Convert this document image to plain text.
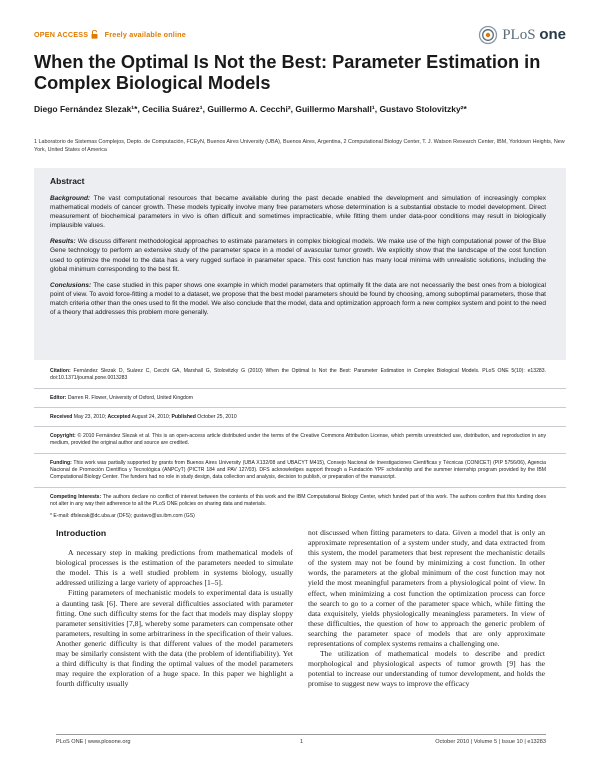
OPEN ACCESS Freely available online	PLoS one
When the Optimal Is Not the Best: Parameter Estimation in Complex Biological Models
Diego Fernández Slezak¹*, Cecilia Suárez¹, Guillermo A. Cecchi², Guillermo Marshall¹, Gustavo Stolovitzky²*
1 Laboratorio de Sistemas Complejos, Depto. de Computación, FCEyN, Buenos Aires University (UBA), Buenos Aires, Argentina, 2 Computational Biology Center, T. J. Watson Research Center, IBM, Yorktown Heights, New York, United States of America
Abstract

Background: The vast computational resources that became available during the past decade enabled the development and simulation of increasingly complex mathematical models of cancer growth. These models typically involve many free parameters whose determination is a substantial obstacle to model development. Direct measurement of biochemical parameters in vivo is often difficult and sometimes impracticable, while fitting them under data-poor conditions may result in biologically implausible values.

Results: We discuss different methodological approaches to estimate parameters in complex biological models. We make use of the high computational power of the Blue Gene technology to perform an extensive study of the parameter space in a model of avascular tumor growth. We explicitly show that the landscape of the cost function used to optimize the model to the data has a very rugged surface in parameter space. This cost function has many local minima with unrealistic solutions, including the global minimum corresponding to the best fit.

Conclusions: The case studied in this paper shows one example in which model parameters that optimally fit the data are not necessarily the best ones from a biological point of view. To avoid force-fitting a model to a dataset, we propose that the best model parameters should be found by choosing, among suboptimal parameters, those that match criteria other than the ones used to fit the model. We also conclude that the model, data and optimization approach form a new complex system and point to the need of a theory that addresses this problem more generally.

Citation: Fernández Slezak D, Suárez C, Cecchi GA, Marshall G, Stolovitzky G (2010) When the Optimal Is Not the Best: Parameter Estimation in Complex Biological Models. PLoS ONE 5(10): e13283. doi:10.1371/journal.pone.0013283

Editor: Darren R. Flower, University of Oxford, United Kingdom

Received May 23, 2010; Accepted August 24, 2010; Published October 25, 2010

Copyright: © 2010 Fernández Slezak et al. This is an open-access article distributed under the terms of the Creative Commons Attribution License, which permits unrestricted use, distribution, and reproduction in any medium, provided the original author and source are credited.

Funding: This work was partially supported by grants from Buenos Aires University (UBA X132/08 and UBACYT M415), Consejo Nacional de Investigaciones Científicas y Técnicas (CONICET) (PIP 5756/06), Agencia Nacional de Promoción Científica y Tecnológica (ANPCyT) (PICTR 184 and PAV 127/03). DFS acknowledges support through a Fundación YPF scholarship and the summer internship program provided by the IBM Computational Biology Center. The funders had no role in study design, data collection and analysis, decision to publish, or preparation of the manuscript.

Competing Interests: The authors declare no conflict of interest between the contents of this work and the IBM Computational Biology Center, which funded part of this work. The authors confirm that this funding does not alter in any way their adherence to all the PLoS ONE policies on sharing data and materials.

* E-mail: dfslezak@dc.uba.ar (DFS); gustavo@us.ibm.com (GS)

Introduction

A necessary step in making predictions from mathematical models of biological processes is the estimation of the parameters needed to simulate the model. This is a well studied problem in systems biology, usually addressed utilizing a large variety of approaches [1–5].

Fitting parameters of mechanistic models to experimental data is usually a daunting task [6]. There are several difficulties associated with parameter fitting. One such difficulty stems for the fact that models may display sloppy parameter sensitivities [7,8], whereby some parameters can compensate other parameters, resulting in some arbitrariness in the specification of their values. Another generic difficulty is that different values of the model parameters may be similarly consistent with the data (the problem of identifiability). Yet a third difficulty is that finding the optimal values of the model parameters may require the exploration of a huge space. In this paper we highlight a fourth difficulty usually

not discussed when fitting parameters to data. Given a model that is only an approximate representation of a system under study, and data extracted from this system, the model parameters that best represent the mechanistic details of the system may not be found by minimizing a cost function. In other words, the parameters at the global minimum of the cost function may not yield the most meaningful parameters from a physiological point of view. In effect, when minimizing a cost function the optimization process can force the search to go to a corner of the parameter space which, while fitting the data exquisitely, yields physiologically meaningless parameters. In view of these difficulties, the question of how to approach the generic problem of searching the parameter space of models that are only approximate representations of complex systems remains a challenging one.

The utilization of mathematical models to describe and predict morphological and physiological aspects of tumor growth [9] has the potential to increase our understanding of tumor development, and holds the promise to suggest new ways to improve the efficacy

PLoS ONE | www.plosone.org	1	October 2010 | Volume 5 | Issue 10 | e13283
